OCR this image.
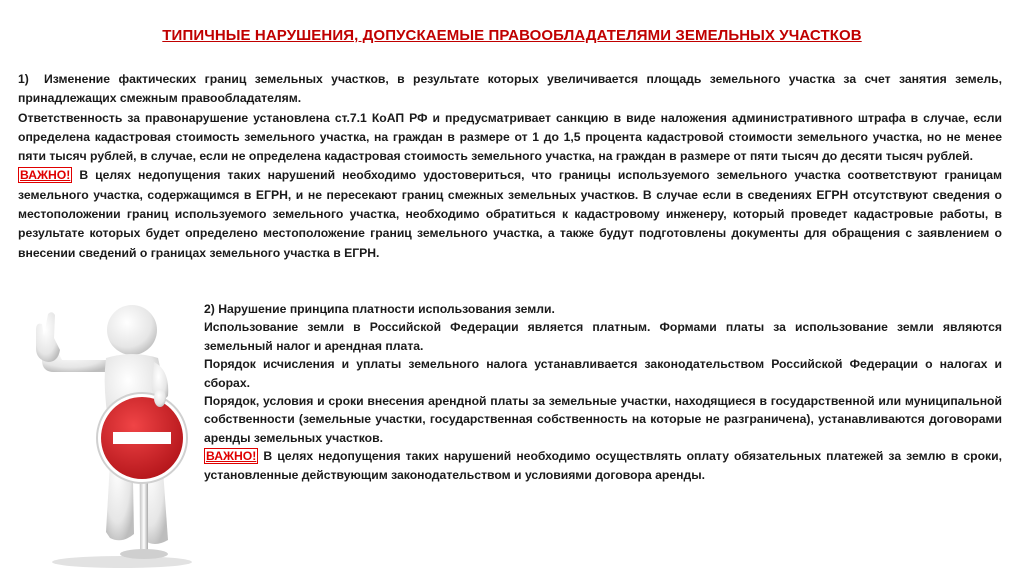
ТИПИЧНЫЕ НАРУШЕНИЯ, ДОПУСКАЕМЫЕ ПРАВООБЛАДАТЕЛЯМИ ЗЕМЕЛЬНЫХ УЧАСТКОВ

1) Изменение фактических границ земельных участков, в результате которых увеличивается площадь земельного участка за счет занятия земель, принадлежащих смежным правообладателям.

Ответственность за правонарушение установлена ст.7.1 КоАП РФ и предусматривает санкцию в виде наложения административного штрафа в случае, если определена кадастровая стоимость земельного участка, на граждан в размере от 1 до 1,5 процента кадастровой стоимости земельного участка, но не менее пяти тысяч рублей, в случае, если не определена кадастровая стоимость земельного участка, на граждан в размере от пяти тысяч до десяти тысяч рублей.

ВАЖНО! В целях недопущения таких нарушений необходимо удостовериться, что границы используемого земельного участка соответствуют границам земельного участка, содержащимся в ЕГРН, и не пересекают границ смежных земельных участков. В случае если в сведениях ЕГРН отсутствуют сведения о местоположении границ используемого земельного участка, необходимо обратиться к кадастровому инженеру, который проведет кадастровые работы, в результате которых будет определено местоположение границ земельного участка, а также будут подготовлены документы для обращения с заявлением о внесении сведений о границах земельного участка в ЕГРН.

2) Нарушение принципа платности использования земли.

Использование земли в Российской Федерации является платным. Формами платы за использование земли являются земельный налог и арендная плата.

Порядок исчисления и уплаты земельного налога устанавливается законодательством Российской Федерации о налогах и сборах.

Порядок, условия и сроки внесения арендной платы за земельные участки, находящиеся в государственной или муниципальной собственности (земельные участки, государственная собственность на которые не разграничена), устанавливаются договорами аренды земельных участков.

ВАЖНО! В целях недопущения таких нарушений необходимо осуществлять оплату обязательных платежей за землю в сроки, установленные действующим законодательством и условиями договора аренды.
